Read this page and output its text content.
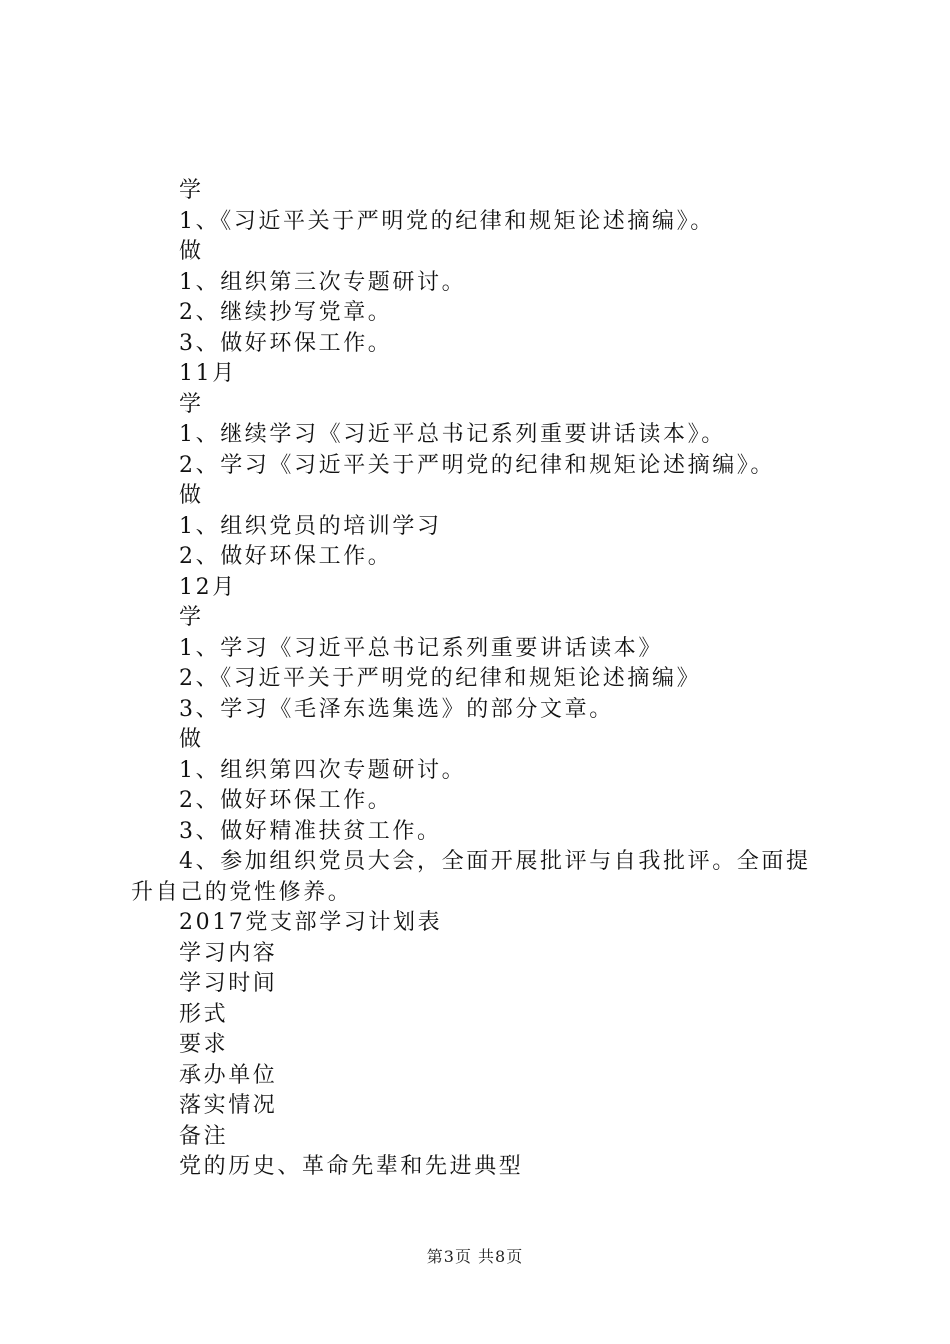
学
1、《习近平关于严明党的纪律和规矩论述摘编》。
做
1、组织第三次专题研讨。
2、继续抄写党章。
3、做好环保工作。
11月
学
1、继续学习《习近平总书记系列重要讲话读本》。
2、学习《习近平关于严明党的纪律和规矩论述摘编》。
做
1、组织党员的培训学习
2、做好环保工作。
12月
学
1、学习《习近平总书记系列重要讲话读本》
2、《习近平关于严明党的纪律和规矩论述摘编》
3、学习《毛泽东选集选》的部分文章。
做
1、组织第四次专题研讨。
2、做好环保工作。
3、做好精准扶贫工作。
4、参加组织党员大会，全面开展批评与自我批评。全面提升自己的党性修养。
2017党支部学习计划表
学习内容
学习时间
形式
要求
承办单位
落实情况
备注
党的历史、革命先辈和先进典型
第3页 共8页
